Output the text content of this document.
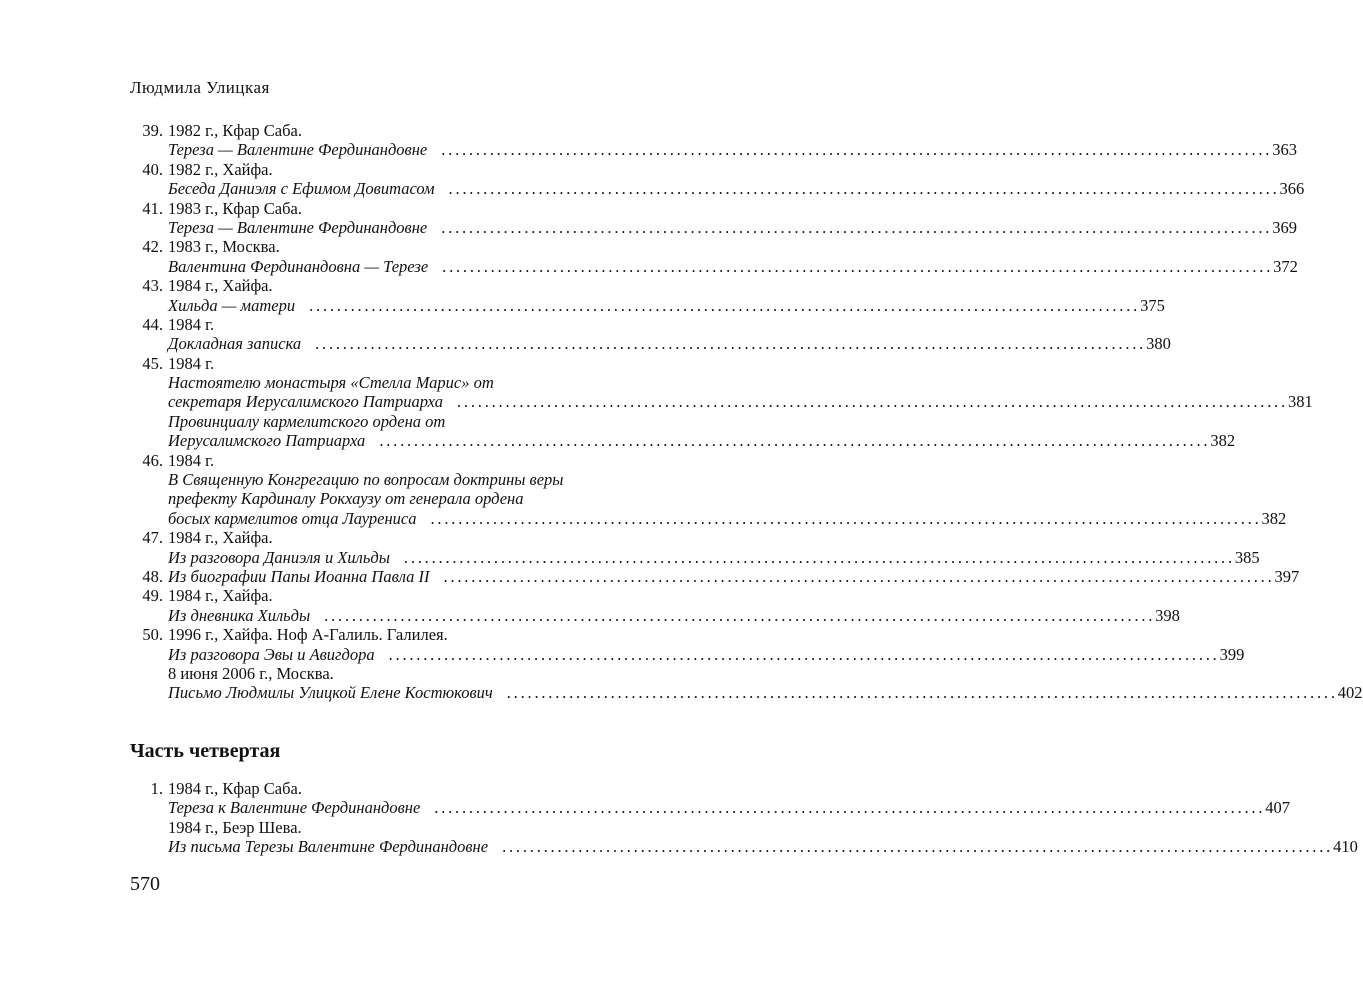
Людмила Улицкая
39. 1982 г., Кфар Саба.
Тереза — Валентине Фердинандовне ........................................................................................................................ 363
40. 1982 г., Хайфа.
Беседа Даниэля с Ефимом Довитасом ........................................................................................................................ 366
41. 1983 г., Кфар Саба.
Тереза — Валентине Фердинандовне ........................................................................................................................ 369
42. 1983 г., Москва.
Валентина Фердинандовна — Терезе ........................................................................................................................ 372
43. 1984 г., Хайфа.
Хильда — матери ........................................................................................................................ 375
44. 1984 г.
Докладная записка ........................................................................................................................ 380
45. 1984 г.
Настоятелю монастыря «Стелла Марис» от
секретаря Иерусалимского Патриарха ........................................................................................................................ 381
Провинциалу кармелитского ордена от
Иерусалимского Патриарха ........................................................................................................................ 382
46. 1984 г.
В Священную Конгрегацию по вопросам доктрины веры
префекту Кардиналу Рокхаузу от генерала ордена
босых кармелитов отца Лауренисa ........................................................................................................................ 382
47. 1984 г., Хайфа.
Из разговора Даниэля и Хильды ........................................................................................................................ 385
48. Из биографии Папы Иоанна Павла II ........................................................................................................................ 397
49. 1984 г., Хайфа.
Из дневника Хильды ........................................................................................................................ 398
50. 1996 г., Хайфа. Ноф А-Галиль. Галилея.
Из разговора Эвы и Авигдора ........................................................................................................................ 399
8 июня 2006 г., Москва.
Письмо Людмилы Улицкой Елене Костюкович ........................................................................................................................ 402
Часть четвертая
1. 1984 г., Кфар Саба.
Тереза к Валентине Фердинандовне ........................................................................................................................ 407
1984 г., Беэр Шева.
Из письма Терезы Валентине Фердинандовне ........................................................................................................................ 410
570
